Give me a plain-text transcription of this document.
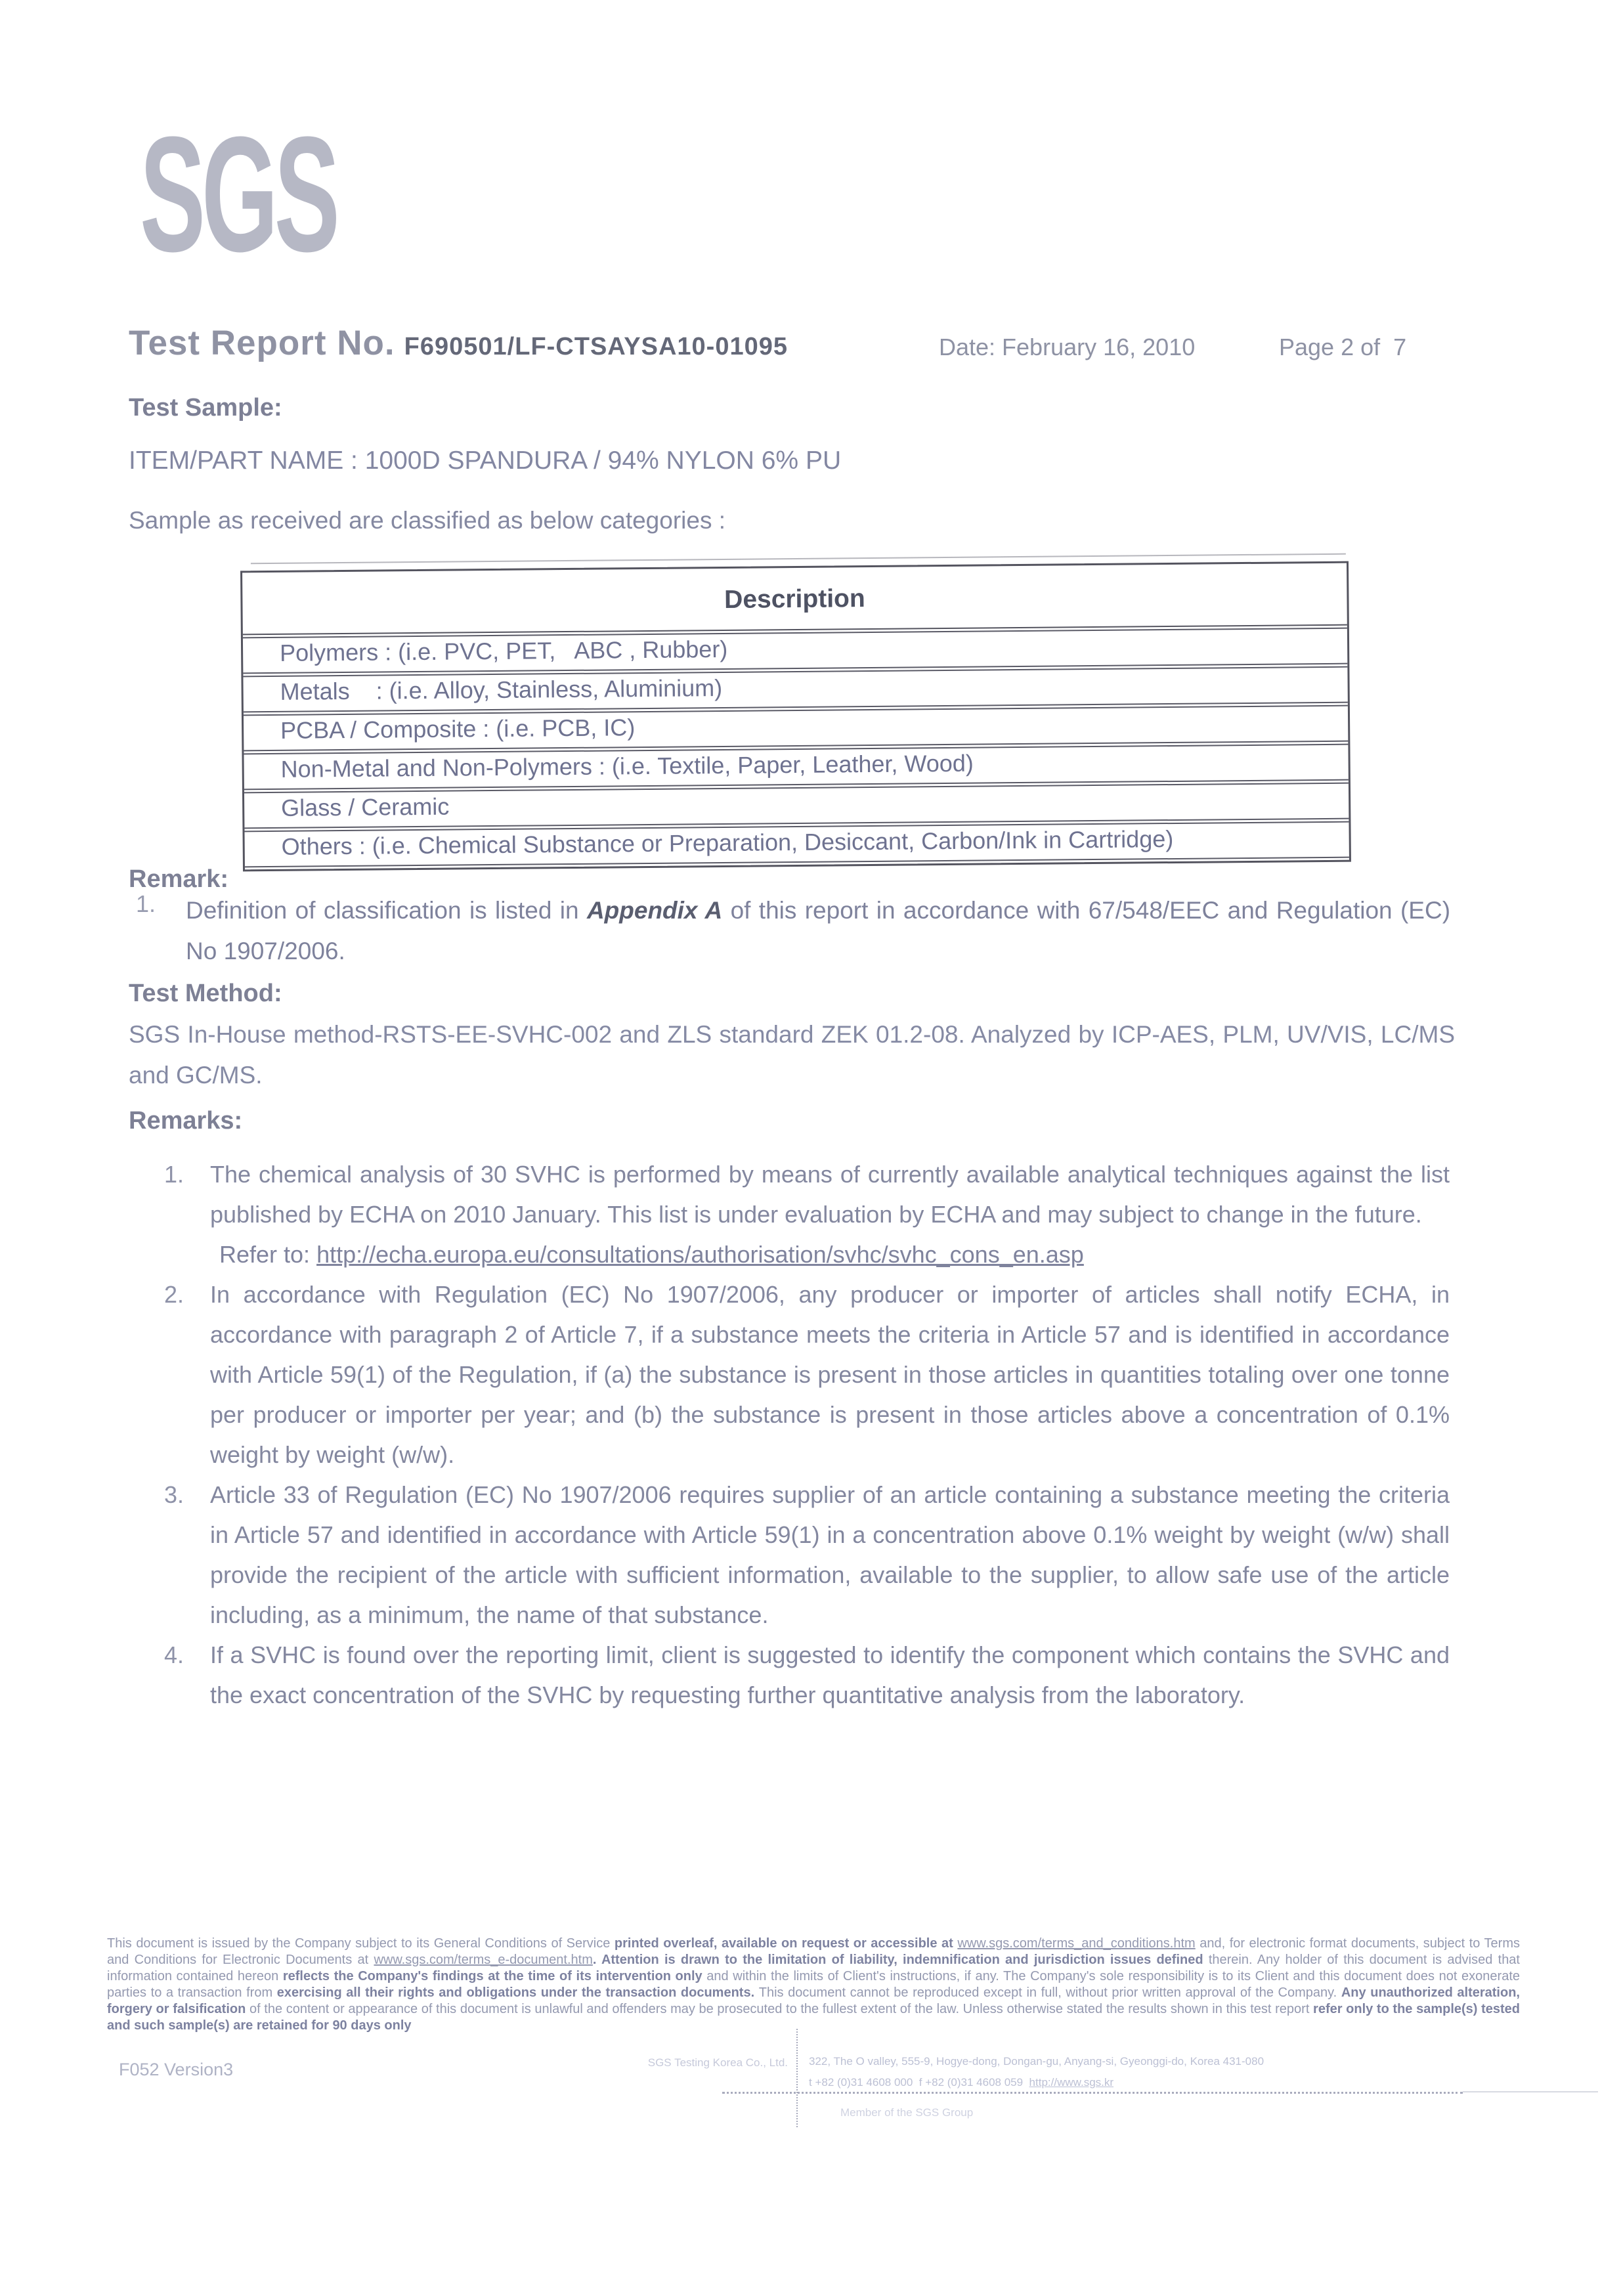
SGS
Test Report No. F690501/LF-CTSAYSA10-01095	Date: February 16, 2010	Page 2 of  7
Test Sample:
ITEM/PART NAME : 1000D SPANDURA / 94% NYLON 6% PU
Sample as received are classified as below categories :
Description
Polymers : (i.e. PVC, PET,   ABC , Rubber)
Metals    : (i.e. Alloy, Stainless, Aluminium)
PCBA / Composite : (i.e. PCB, IC)
Non-Metal and Non-Polymers : (i.e. Textile, Paper, Leather, Wood)
Glass / Ceramic
Others : (i.e. Chemical Substance or Preparation, Desiccant, Carbon/Ink in Cartridge)
Remark:
1.	Definition of classification is listed in Appendix A of this report in accordance with 67/548/EEC and Regulation (EC) No 1907/2006.
Test Method:
SGS In-House method-RSTS-EE-SVHC-002 and ZLS standard ZEK 01.2-08. Analyzed by ICP-AES, PLM, UV/VIS, LC/MS and GC/MS.
Remarks:
1.	The chemical analysis of 30 SVHC is performed by means of currently available analytical techniques against the list published by ECHA on 2010 January. This list is under evaluation by ECHA and may subject to change in the future.
Refer to: http://echa.europa.eu/consultations/authorisation/svhc/svhc_cons_en.asp
2.	In accordance with Regulation (EC) No 1907/2006, any producer or importer of articles shall notify ECHA, in accordance with paragraph 2 of Article 7, if a substance meets the criteria in Article 57 and is identified in accordance with Article 59(1) of the Regulation, if (a) the substance is present in those articles in quantities totaling over one tonne per producer or importer per year; and (b) the substance is present in those articles above a concentration of 0.1% weight by weight (w/w).
3.	Article 33 of Regulation (EC) No 1907/2006 requires supplier of an article containing a substance meeting the criteria in Article 57 and identified in accordance with Article 59(1) in a concentration above 0.1% weight by weight (w/w) shall provide the recipient of the article with sufficient information, available to the supplier, to allow safe use of the article including, as a minimum, the name of that substance.
4.	If a SVHC is found over the reporting limit, client is suggested to identify the component which contains the SVHC and the exact concentration of the SVHC by requesting further quantitative analysis from the laboratory.
This document is issued by the Company subject to its General Conditions of Service printed overleaf, available on request or accessible at www.sgs.com/terms_and_conditions.htm and, for electronic format documents, subject to Terms and Conditions for Electronic Documents at www.sgs.com/terms_e-document.htm. Attention is drawn to the limitation of liability, indemnification and jurisdiction issues defined therein. Any holder of this document is advised that information contained hereon reflects the Company's findings at the time of its intervention only and within the limits of Client's instructions, if any. The Company's sole responsibility is to its Client and this document does not exonerate parties to a transaction from exercising all their rights and obligations under the transaction documents. This document cannot be reproduced except in full, without prior written approval of the Company. Any unauthorized alteration, forgery or falsification of the content or appearance of this document is unlawful and offenders may be prosecuted to the fullest extent of the law. Unless otherwise stated the results shown in this test report refer only to the sample(s) tested and such sample(s) are retained for 90 days only
F052 Version3	SGS Testing Korea Co., Ltd. 322, The O valley, 555-9, Hogye-dong, Dongan-gu, Anyang-si, Gyeonggi-do, Korea 431-080
t +82 (0)31 4608 000  f +82 (0)31 4608 059  http://www.sgs.kr
Member of the SGS Group
